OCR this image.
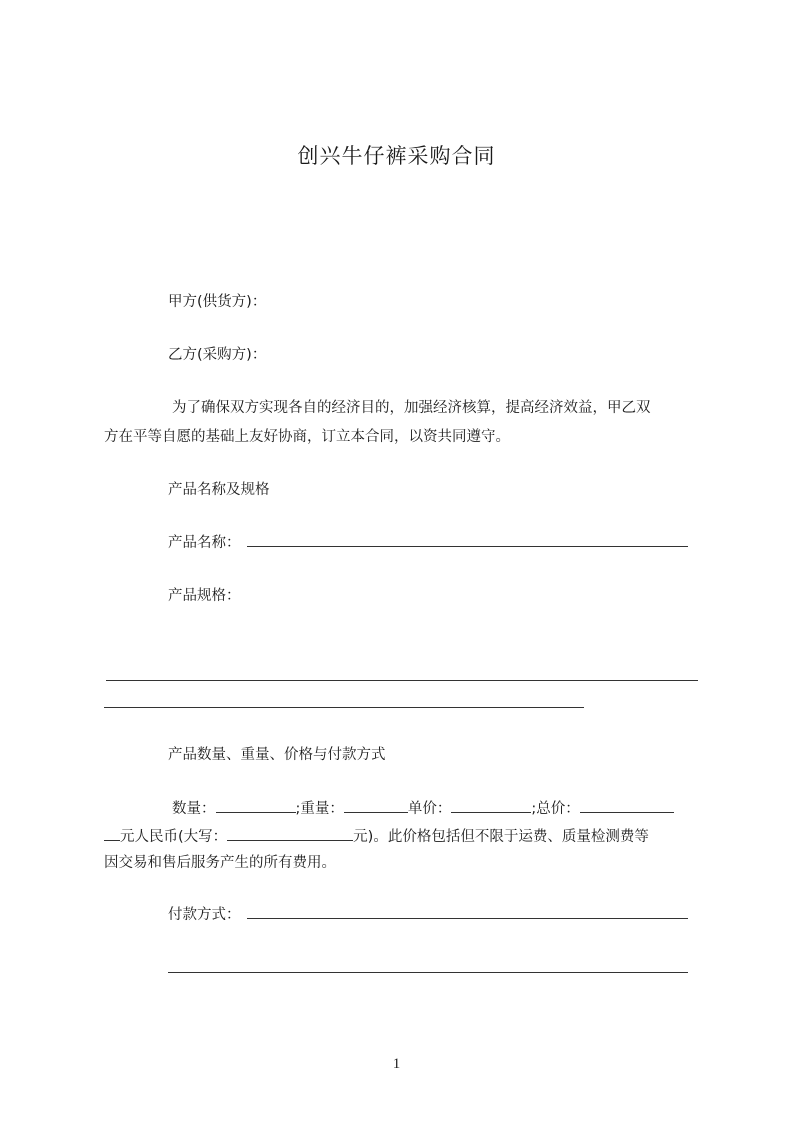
创兴牛仔裤采购合同
甲方(供货方)：
乙方(采购方)：
为了确保双方实现各自的经济目的，加强经济核算，提高经济效益，甲乙双
方在平等自愿的基础上友好协商，订立本合同，以资共同遵守。
产品名称及规格
产品名称：
产品规格：
产品数量、重量、价格与付款方式
数量：	;重量：	单价：	;总价：
元人民币(大写：	元)。此价格包括但不限于运费、质量检测费等
因交易和售后服务产生的所有费用。
付款方式：
1
